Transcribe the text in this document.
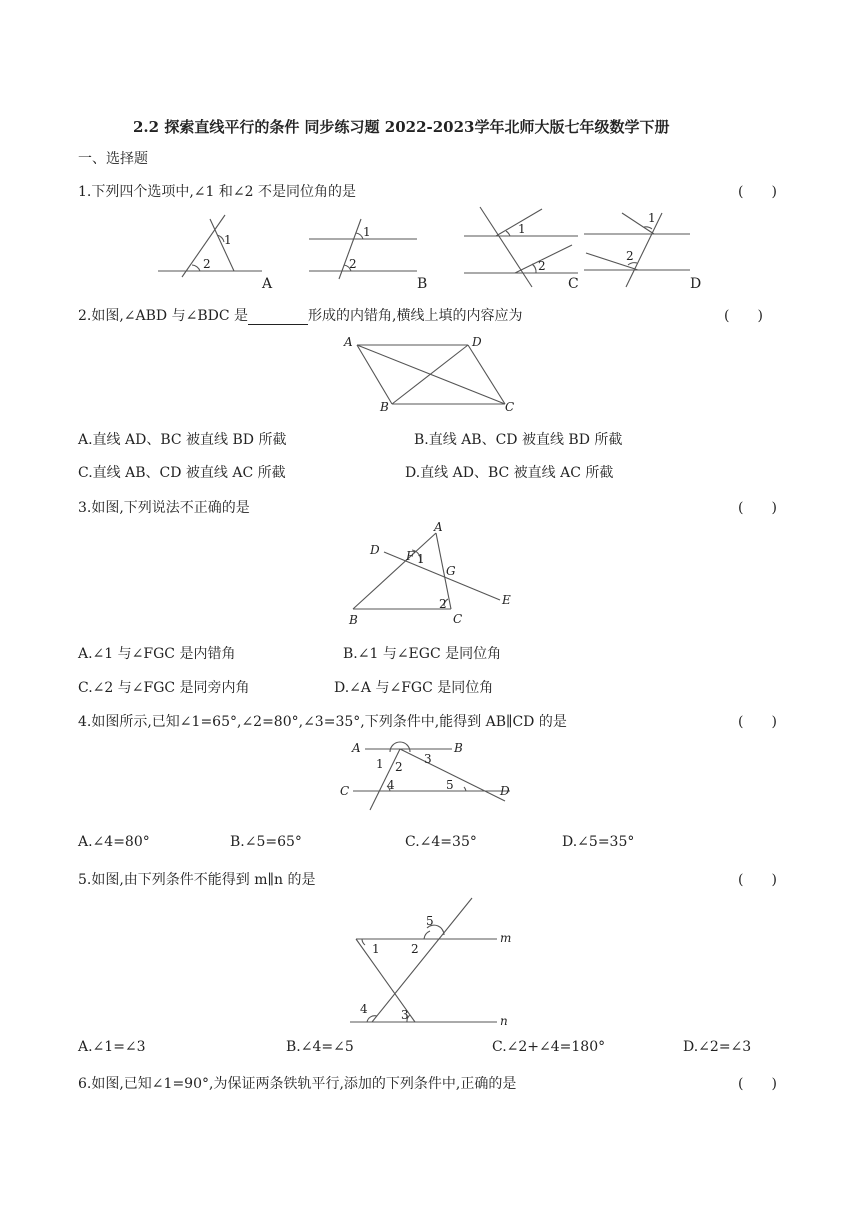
2.2 探索直线平行的条件 同步练习题 2022-2023学年北师大版七年级数学下册
一、选择题
1.下列四个选项中,∠1 和∠2 不是同位角的是	(　　)
1
2
A
1
2
B
1
2
C
1
2
D
2.如图,∠ABD 与∠BDC 是	形成的内错角,横线上填的内容应为	(　　)
A	D
B	C
A.直线 AD、BC 被直线 BD 所截	B.直线 AB、CD 被直线 BD 所截
C.直线 AB、CD 被直线 AC 所截	D.直线 AD、BC 被直线 AC 所截
3.如图,下列说法不正确的是	(　　)
A
D F 1
G
E
2
B	C
A.∠1 与∠FGC 是内错角	B.∠1 与∠EGC 是同位角
C.∠2 与∠FGC 是同旁内角	D.∠A 与∠FGC 是同位角
4.如图所示,已知∠1=65°,∠2=80°,∠3=35°,下列条件中,能得到 AB∥CD 的是	(　　)
A	B
1 2
3
C	4	5	D
A.∠4=80°	B.∠5=65°	C.∠4=35°	D.∠5=35°
5.如图,由下列条件不能得到 m∥n 的是	(　　)
5
m
1	2
4	3	n
A.∠1=∠3	B.∠4=∠5	C.∠2+∠4=180°	D.∠2=∠3
6.如图,已知∠1=90°,为保证两条铁轨平行,添加的下列条件中,正确的是	(　　)
